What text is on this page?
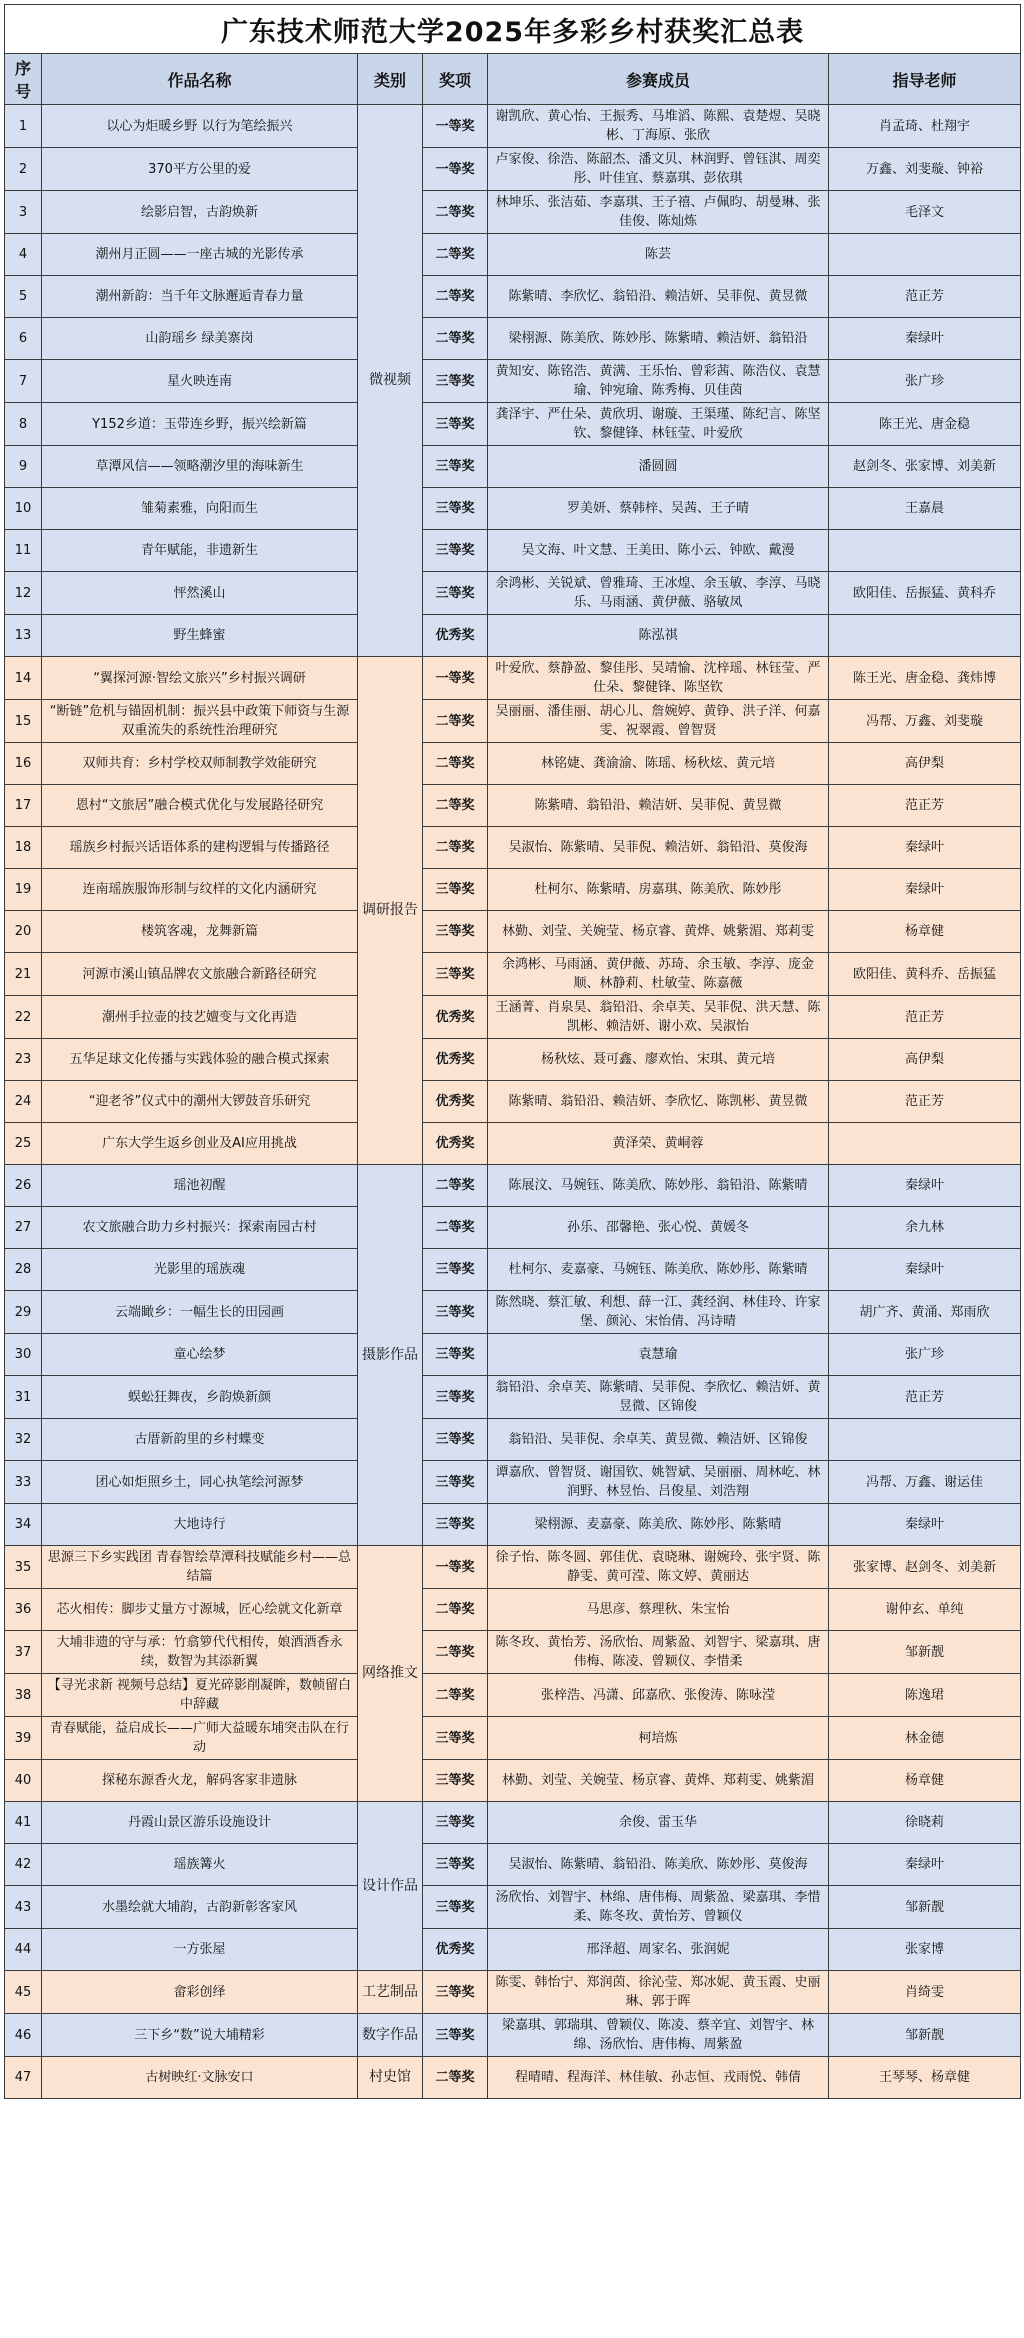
广东技术师范大学2025年多彩乡村获奖汇总表					
序号	作品名称	类别	奖项	参赛成员	指导老师
1	以心为炬暖乡野 以行为笔绘振兴	微视频	一等奖	谢凯欣、黄心怡、王振秀、马堆滔、陈熙、袁楚煜、吴晓彬、丁海原、张欣	肖孟琦、杜翔宇
2	370平方公里的爱		一等奖	卢家俊、徐浩、陈韶杰、潘文贝、林润野、曾钰淇、周奕彤、叶佳宜、蔡嘉琪、彭依琪	万鑫、刘斐璇、钟裕
3	绘影启智，古韵焕新		二等奖	林坤乐、张洁茹、李嘉琪、王子禧、卢佩昀、胡曼琳、张佳俊、陈灿炼	毛泽文
4	潮州月正圆——一座古城的光影传承		二等奖	陈芸	
5	潮州新韵：当千年文脉邂逅青春力量		二等奖	陈紫晴、李欣忆、翁铅沿、赖洁妍、吴菲倪、黄昱微	范正芳
6	山韵瑶乡 绿美寨岗		二等奖	梁栩源、陈美欣、陈妙彤、陈紫晴、赖洁妍、翁铅沿	秦绿叶
7	星火映连南		三等奖	黄知安、陈铭浩、黄满、王乐怡、曾彩茜、陈浩仪、袁慧瑜、钟宛瑜、陈秀梅、贝佳茵	张广珍
8	Y152乡道：玉带连乡野，振兴绘新篇		三等奖	龚泽宇、严仕朵、黄欣玥、谢璇、王渠瑾、陈纪言、陈坚钦、黎健锋、林钰莹、叶爱欣	陈王光、唐金稳
9	草潭风信——领略潮汐里的海味新生		三等奖	潘圆圆	赵剑冬、张家博、刘美新
10	雏菊素雅，向阳而生		三等奖	罗美妍、蔡韩梓、吴茜、王子晴	王嘉晨
11	青年赋能，非遗新生		三等奖	吴文海、叶文慧、王美田、陈小云、钟欧、戴漫	
12	怦然溪山		三等奖	余鸿彬、关锐斌、曾雅琦、王冰煌、余玉敏、李淳、马晓乐、马雨涵、黄伊薇、骆敏凤	欧阳佳、岳振猛、黄科乔
13	野生蜂蜜		优秀奖	陈泓祺	
14	“翼探河源·智绘文旅兴”乡村振兴调研	调研报告	一等奖	叶爱欣、蔡静盈、黎佳彤、吴靖愉、沈梓瑶、林钰莹、严仕朵、黎健锋、陈坚钦	陈王光、唐金稳、龚炜博
15	“断链”危机与锚固机制：振兴县中政策下师资与生源双重流失的系统性治理研究		二等奖	吴丽丽、潘佳丽、胡心儿、詹婉婷、黄铮、洪子洋、何嘉雯、祝翠霞、曾智贤	冯帮、万鑫、刘斐璇
16	双师共育：乡村学校双师制教学效能研究		二等奖	林铭婕、龚渝渝、陈瑶、杨秋炫、黄元培	高伊梨
17	恩村“文旅居”融合模式优化与发展路径研究		二等奖	陈紫晴、翁铅沿、赖洁妍、吴菲倪、黄昱微	范正芳
18	瑶族乡村振兴话语体系的建构逻辑与传播路径		二等奖	吴淑怡、陈紫晴、吴菲倪、赖洁妍、翁铅沿、莫俊海	秦绿叶
19	连南瑶族服饰形制与纹样的文化内涵研究		三等奖	杜柯尔、陈紫晴、房嘉琪、陈美欣、陈妙彤	秦绿叶
20	楼筑客魂，龙舞新篇		三等奖	林勤、刘莹、关婉莹、杨京睿、黄烨、姚紫湄、郑莉雯	杨章健
21	河源市溪山镇品牌农文旅融合新路径研究		三等奖	余鸿彬、马雨涵、黄伊薇、苏琦、余玉敏、李淳、庞金顺、林静莉、杜敏莹、陈嘉薇	欧阳佳、黄科乔、岳振猛
22	潮州手拉壶的技艺嬗变与文化再造		优秀奖	王涵菁、肖泉昊、翁铅沿、余卓芙、吴菲倪、洪天慧、陈凯彬、赖洁妍、谢小欢、吴淑怡	范正芳
23	五华足球文化传播与实践体验的融合模式探索		优秀奖	杨秋炫、聂可鑫、廖欢怡、宋琪、黄元培	高伊梨
24	“迎老爷”仪式中的潮州大锣鼓音乐研究		优秀奖	陈紫晴、翁铅沿、赖洁妍、李欣忆、陈凯彬、黄昱微	范正芳
25	广东大学生返乡创业及AI应用挑战		优秀奖	黄泽荣、黄峒蓉	
26	瑶池初醒	摄影作品	二等奖	陈展汶、马婉钰、陈美欣、陈妙彤、翁铅沿、陈紫晴	秦绿叶
27	农文旅融合助力乡村振兴：探索南园古村		二等奖	孙乐、邵馨艳、张心悦、黄媛冬	余九林
28	光影里的瑶族魂		三等奖	杜柯尔、麦嘉豪、马婉钰、陈美欣、陈妙彤、陈紫晴	秦绿叶
29	云端瞰乡：一幅生长的田园画		三等奖	陈然晓、蔡汇敏、利想、薛一江、龚经润、林佳玲、许家堡、颜沁、宋怡倩、冯诗晴	胡广齐、黄涌、郑雨欣
30	童心绘梦		三等奖	袁慧瑜	张广珍
31	蜈蚣狂舞夜，乡韵焕新颜		三等奖	翁铅沿、余卓芙、陈紫晴、吴菲倪、李欣忆、赖洁妍、黄昱微、区锦俊	范正芳
32	古厝新韵里的乡村蝶变		三等奖	翁铅沿、吴菲倪、余卓芙、黄昱微、赖洁妍、区锦俊	
33	团心如炬照乡土，同心执笔绘河源梦		三等奖	谭嘉欣、曾智贤、谢国钦、姚智斌、吴丽丽、周林屹、林润野、林昱怡、吕俊星、刘浩翔	冯帮、万鑫、谢运佳
34	大地诗行		三等奖	梁栩源、麦嘉豪、陈美欣、陈妙彤、陈紫晴	秦绿叶
35	思源三下乡实践团 青春智绘草潭科技赋能乡村——总结篇	网络推文	一等奖	徐子怡、陈冬圆、郭佳优、袁晓琳、谢婉玲、张宇贤、陈静雯、黄可滢、陈文婷、黄丽达	张家博、赵剑冬、刘美新
36	芯火相传：脚步丈量方寸源城，匠心绘就文化新章		二等奖	马思彦、蔡理秋、朱宝怡	谢仲玄、单纯
37	大埔非遗的守与承：竹翕箩代代相传，娘酒酒香永续，数智为其添新翼		二等奖	陈冬玫、黄怡芳、汤欣怡、周紫盈、刘智宇、梁嘉琪、唐伟梅、陈凌、曾颖仪、李惜柔	邹新靓
38	【寻光求新 视频号总结】夏光碎影削凝眸，数帧留白中辞藏		二等奖	张梓浩、冯潇、邱嘉欣、张俊涛、陈咏滢	陈逸珺
39	青春赋能，益启成长——广师大益暖东埔突击队在行动		三等奖	柯培炼	林金德
40	探秘东源香火龙，解码客家非遗脉		三等奖	林勤、刘莹、关婉莹、杨京睿、黄烨、郑莉雯、姚紫湄	杨章健
41	丹霞山景区游乐设施设计	设计作品	三等奖	余俊、雷玉华	徐晓莉
42	瑶族篝火		三等奖	吴淑怡、陈紫晴、翁铅沿、陈美欣、陈妙彤、莫俊海	秦绿叶
43	水墨绘就大埔韵，古韵新彰客家风		三等奖	汤欣怡、刘智宇、林绵、唐伟梅、周紫盈、梁嘉琪、李惜柔、陈冬玫、黄怡芳、曾颖仪	邹新靓
44	一方张屋		优秀奖	邢泽超、周家名、张润妮	张家博
45	畲彩创绎	工艺制品	三等奖	陈雯、韩怡宁、郑润茵、徐沁莹、郑冰妮、黄玉霞、史丽琳、郭于晖	肖绮雯
46	三下乡“数”说大埔精彩	数字作品	三等奖	梁嘉琪、郭瑞琪、曾颖仪、陈凌、蔡辛宜、刘智宇、林绵、汤欣怡、唐伟梅、周紫盈	邹新靓
47	古树映红·文脉安口	村史馆	二等奖	程晴晴、程海洋、林佳敏、孙志恒、戎雨悦、韩倩	王琴琴、杨章健
